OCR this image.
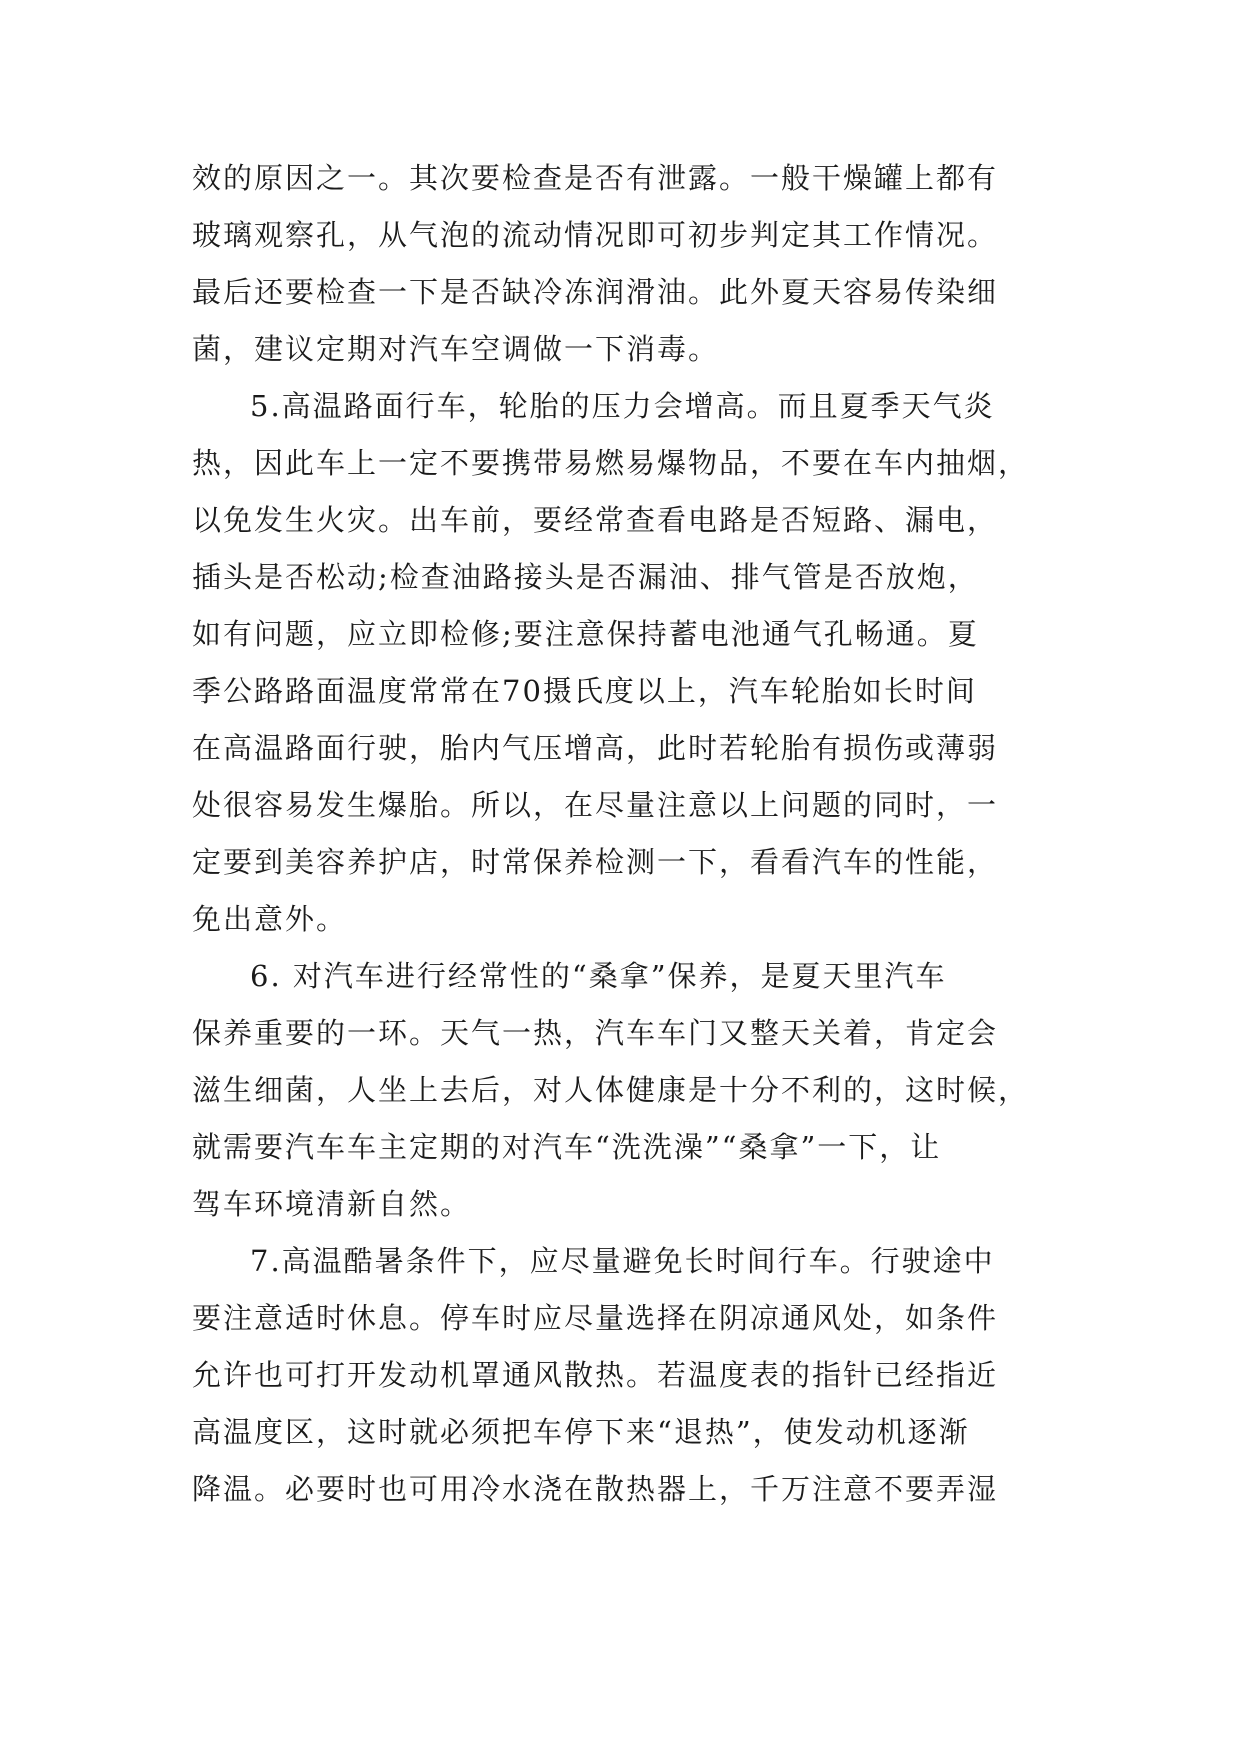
效的原因之一。其次要检查是否有泄露。一般干燥罐上都有
玻璃观察孔，从气泡的流动情况即可初步判定其工作情况。
最后还要检查一下是否缺冷冻润滑油。此外夏天容易传染细
菌，建议定期对汽车空调做一下消毒。
5.高温路面行车，轮胎的压力会增高。而且夏季天气炎
热，因此车上一定不要携带易燃易爆物品，不要在车内抽烟，
以免发生火灾。出车前，要经常查看电路是否短路、漏电，
插头是否松动;检查油路接头是否漏油、排气管是否放炮，
如有问题，应立即检修;要注意保持蓄电池通气孔畅通。夏
季公路路面温度常常在70摄氏度以上，汽车轮胎如长时间
在高温路面行驶，胎内气压增高，此时若轮胎有损伤或薄弱
处很容易发生爆胎。所以，在尽量注意以上问题的同时，一
定要到美容养护店，时常保养检测一下，看看汽车的性能，
免出意外。
6. 对汽车进行经常性的“桑拿”保养，是夏天里汽车
保养重要的一环。天气一热，汽车车门又整天关着，肯定会
滋生细菌，人坐上去后，对人体健康是十分不利的，这时候，
就需要汽车车主定期的对汽车“洗洗澡”“桑拿”一下，让
驾车环境清新自然。
7.高温酷暑条件下，应尽量避免长时间行车。行驶途中
要注意适时休息。停车时应尽量选择在阴凉通风处，如条件
允许也可打开发动机罩通风散热。若温度表的指针已经指近
高温度区，这时就必须把车停下来“退热”，使发动机逐渐
降温。必要时也可用冷水浇在散热器上，千万注意不要弄湿
